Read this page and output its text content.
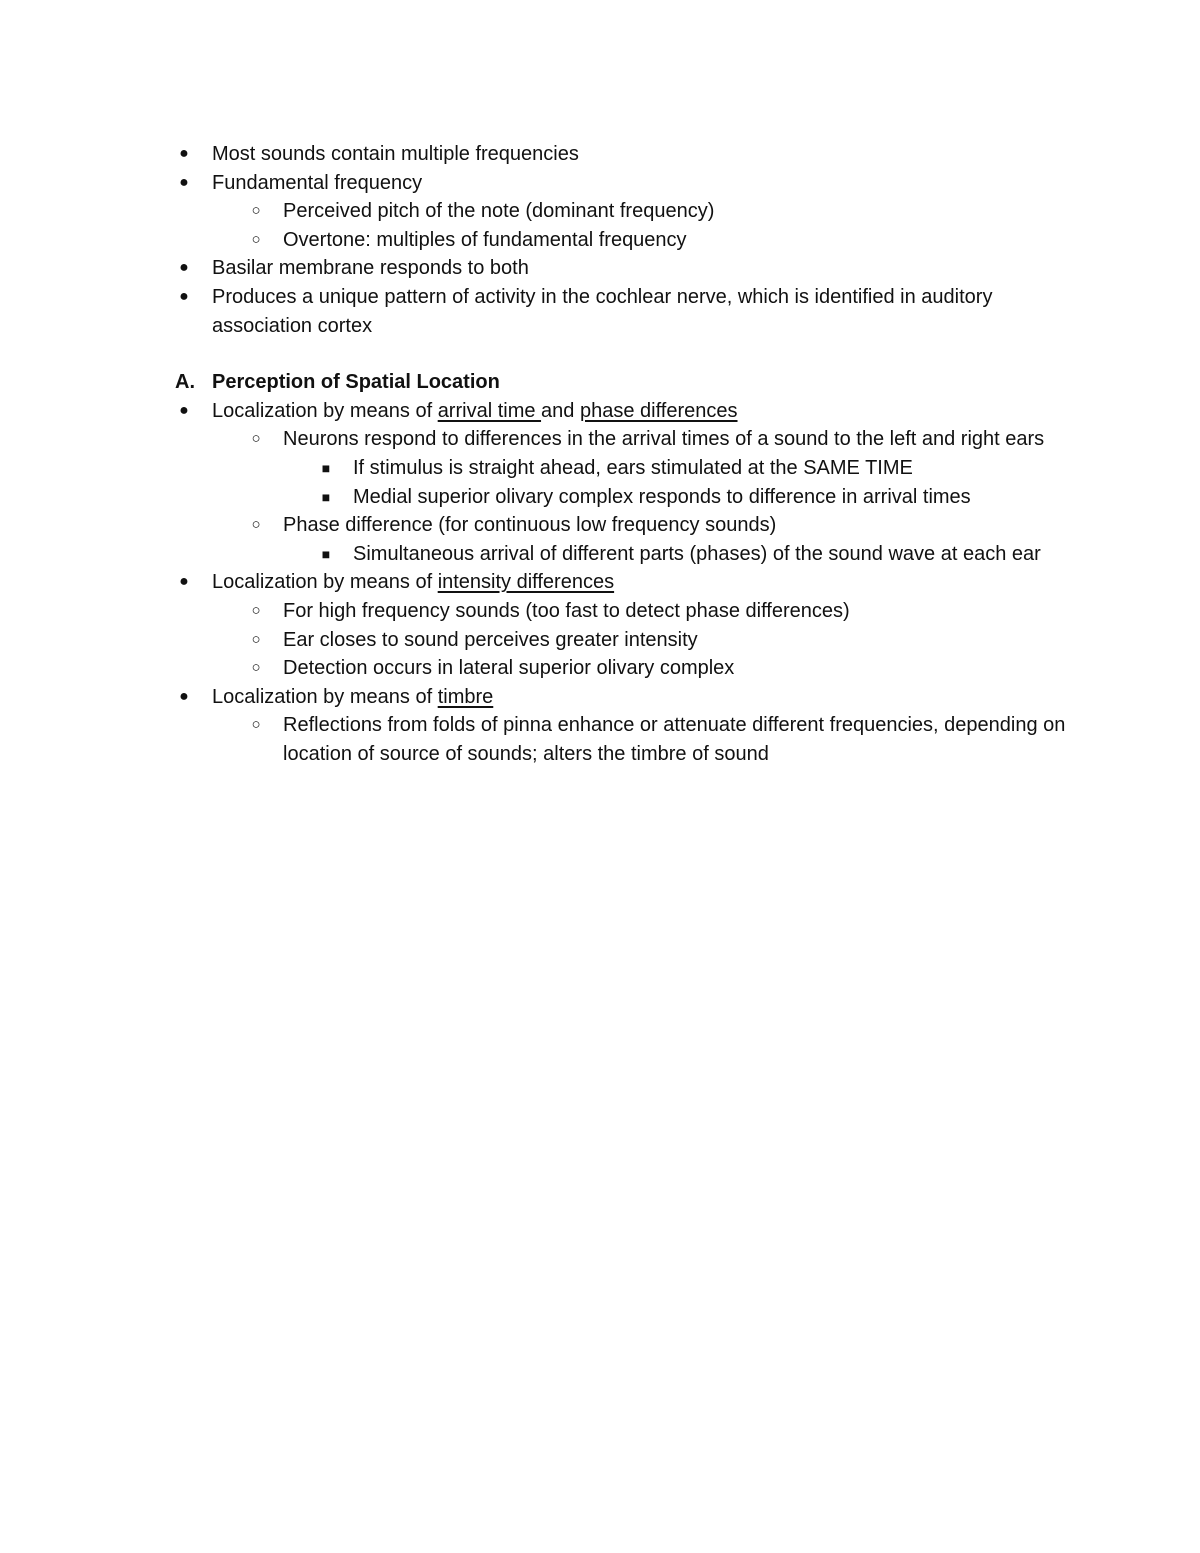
● Most sounds contain multiple frequencies
● Fundamental frequency
○ Perceived pitch of the note (dominant frequency)
○ Overtone: multiples of fundamental frequency
● Basilar membrane responds to both
● Produces a unique pattern of activity in the cochlear nerve, which is identified in auditory association cortex
A. Perception of Spatial Location
● Localization by means of arrival time and phase differences
○ Neurons respond to differences in the arrival times of a sound to the left and right ears
■ If stimulus is straight ahead, ears stimulated at the SAME TIME
■ Medial superior olivary complex responds to difference in arrival times
○ Phase difference (for continuous low frequency sounds)
■ Simultaneous arrival of different parts (phases) of the sound wave at each ear
● Localization by means of intensity differences
○ For high frequency sounds (too fast to detect phase differences)
○ Ear closes to sound perceives greater intensity
○ Detection occurs in lateral superior olivary complex
● Localization by means of timbre
○ Reflections from folds of pinna enhance or attenuate different frequencies, depending on location of source of sounds; alters the timbre of sound
